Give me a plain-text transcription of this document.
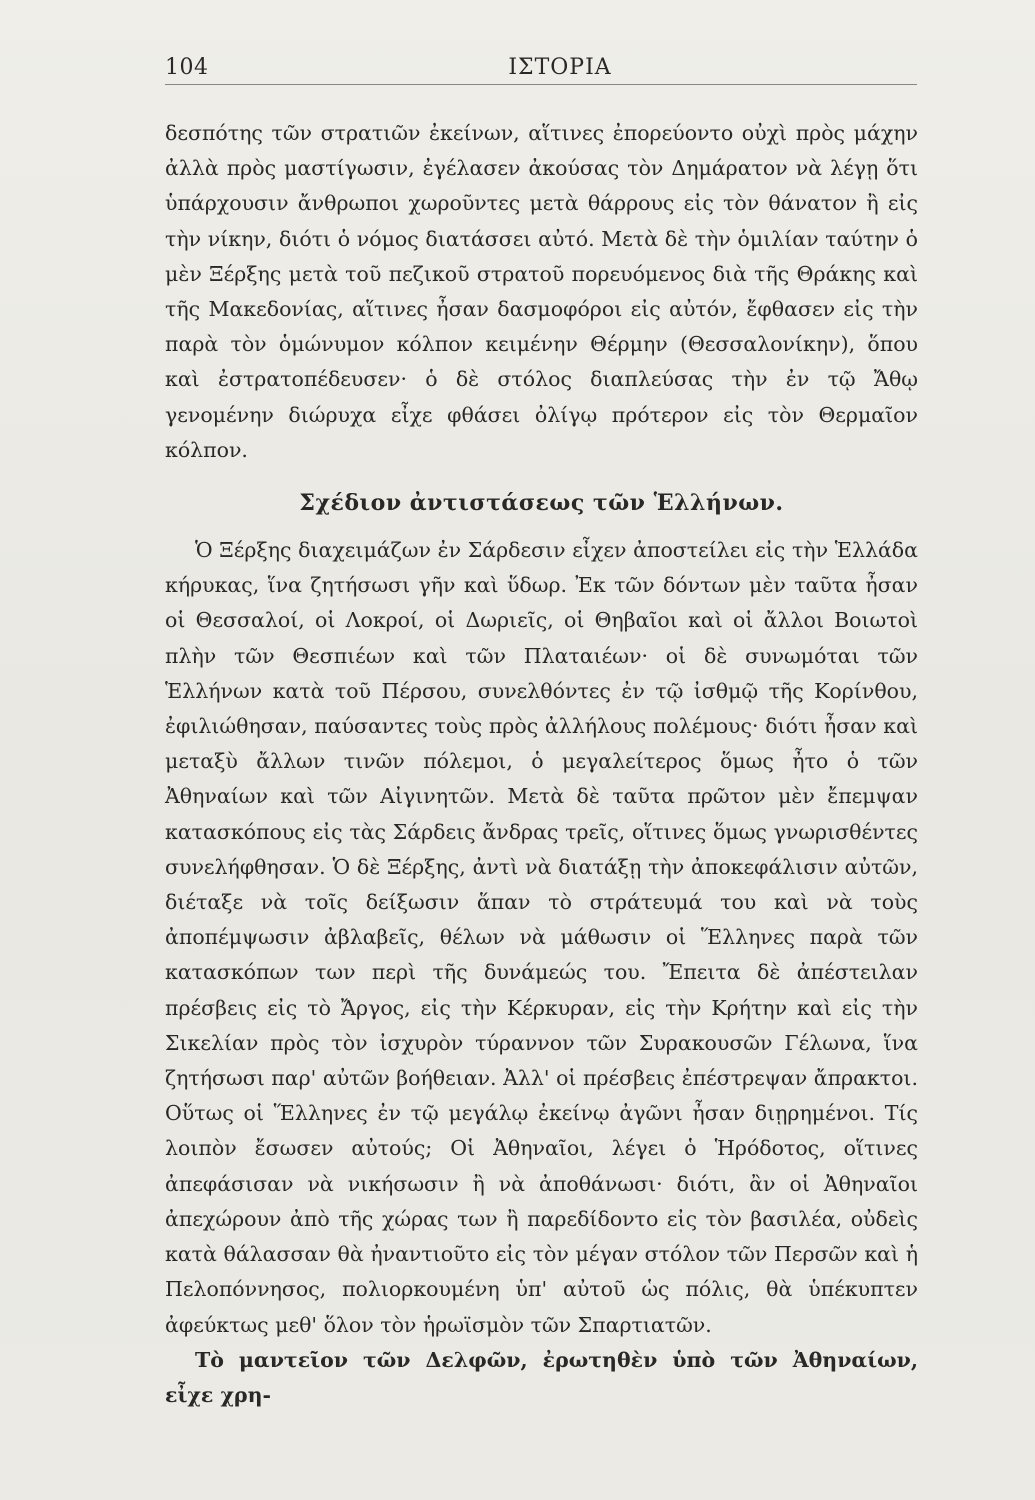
104	ΙΣΤΟΡΙΑ

δεσπότης τῶν στρατιῶν ἐκείνων, αἵτινες ἐπορεύοντο οὐχὶ πρὸς μάχην ἀλλὰ πρὸς μαστίγωσιν, ἐγέλασεν ἀκούσας τὸν Δημάρατον νὰ λέγῃ ὅτι ὑπάρχουσιν ἄνθρωποι χωροῦντες μετὰ θάρρους εἰς τὸν θάνατον ἢ εἰς τὴν νίκην, διότι ὁ νόμος διατάσσει αὐτό. Μετὰ δὲ τὴν ὁμιλίαν ταύτην ὁ μὲν Ξέρξης μετὰ τοῦ πεζικοῦ στρατοῦ πορευόμενος διὰ τῆς Θράκης καὶ τῆς Μακεδονίας, αἵτινες ἦσαν δασμοφόροι εἰς αὐτόν, ἔφθασεν εἰς τὴν παρὰ τὸν ὁμώνυμον κόλπον κειμένην Θέρμην (Θεσσαλονίκην), ὅπου καὶ ἐστρατοπέδευσεν· ὁ δὲ στόλος διαπλεύσας τὴν ἐν τῷ Ἄθῳ γενομένην διώρυχα εἶχε φθάσει ὀλίγῳ πρότερον εἰς τὸν Θερμαῖον κόλπον.

Σχέδιον ἀντιστάσεως τῶν Ἑλλήνων.

Ὁ Ξέρξης διαχειμάζων ἐν Σάρδεσιν εἶχεν ἀποστείλει εἰς τὴν Ἑλλάδα κήρυκας, ἵνα ζητήσωσι γῆν καὶ ὕδωρ. Ἐκ τῶν δόντων μὲν ταῦτα ἦσαν οἱ Θεσσαλοί, οἱ Λοκροί, οἱ Δωριεῖς, οἱ Θηβαῖοι καὶ οἱ ἄλλοι Βοιωτοὶ πλὴν τῶν Θεσπιέων καὶ τῶν Πλαταιέων· οἱ δὲ συνωμόται τῶν Ἑλλήνων κατὰ τοῦ Πέρσου, συνελθόντες ἐν τῷ ἰσθμῷ τῆς Κορίνθου, ἐφιλιώθησαν, παύσαντες τοὺς πρὸς ἀλλήλους πολέμους· διότι ἦσαν καὶ μεταξὺ ἄλλων τινῶν πόλεμοι, ὁ μεγαλείτερος ὅμως ἦτο ὁ τῶν Ἀθηναίων καὶ τῶν Αἰγινητῶν. Μετὰ δὲ ταῦτα πρῶτον μὲν ἔπεμψαν κατασκόπους εἰς τὰς Σάρδεις ἄνδρας τρεῖς, οἵτινες ὅμως γνωρισθέντες συνελήφθησαν. Ὁ δὲ Ξέρξης, ἀντὶ νὰ διατάξῃ τὴν ἀποκεφάλισιν αὐτῶν, διέταξε νὰ τοῖς δείξωσιν ἅπαν τὸ στράτευμά του καὶ νὰ τοὺς ἀποπέμψωσιν ἀβλαβεῖς, θέλων νὰ μάθωσιν οἱ Ἕλληνες παρὰ τῶν κατασκόπων των περὶ τῆς δυνάμεώς του. Ἔπειτα δὲ ἀπέστειλαν πρέσβεις εἰς τὸ Ἄργος, εἰς τὴν Κέρκυραν, εἰς τὴν Κρήτην καὶ εἰς τὴν Σικελίαν πρὸς τὸν ἰσχυρὸν τύραννον τῶν Συρακουσῶν Γέλωνα, ἵνα ζητήσωσι παρ' αὐτῶν βοήθειαν. Ἀλλ' οἱ πρέσβεις ἐπέστρεψαν ἄπρακτοι. Οὕτως οἱ Ἕλληνες ἐν τῷ μεγάλῳ ἐκείνῳ ἀγῶνι ἦσαν διῃρημένοι. Τίς λοιπὸν ἔσωσεν αὐτούς; Οἱ Ἀθηναῖοι, λέγει ὁ Ἡρόδοτος, οἵτινες ἀπεφάσισαν νὰ νικήσωσιν ἢ νὰ ἀποθάνωσι· διότι, ἂν οἱ Ἀθηναῖοι ἀπεχώρουν ἀπὸ τῆς χώρας των ἢ παρεδίδοντο εἰς τὸν βασιλέα, οὐδεὶς κατὰ θάλασσαν θὰ ἠναντιοῦτο εἰς τὸν μέγαν στόλον τῶν Περσῶν καὶ ἡ Πελοπόννησος, πολιορκουμένη ὑπ' αὐτοῦ ὡς πόλις, θὰ ὑπέκυπτεν ἀφεύκτως μεθ' ὅλον τὸν ἡρωϊσμὸν τῶν Σπαρτιατῶν.

Τὸ μαντεῖον τῶν Δελφῶν, ἐρωτηθὲν ὑπὸ τῶν Ἀθηναίων, εἶχε χρη-
